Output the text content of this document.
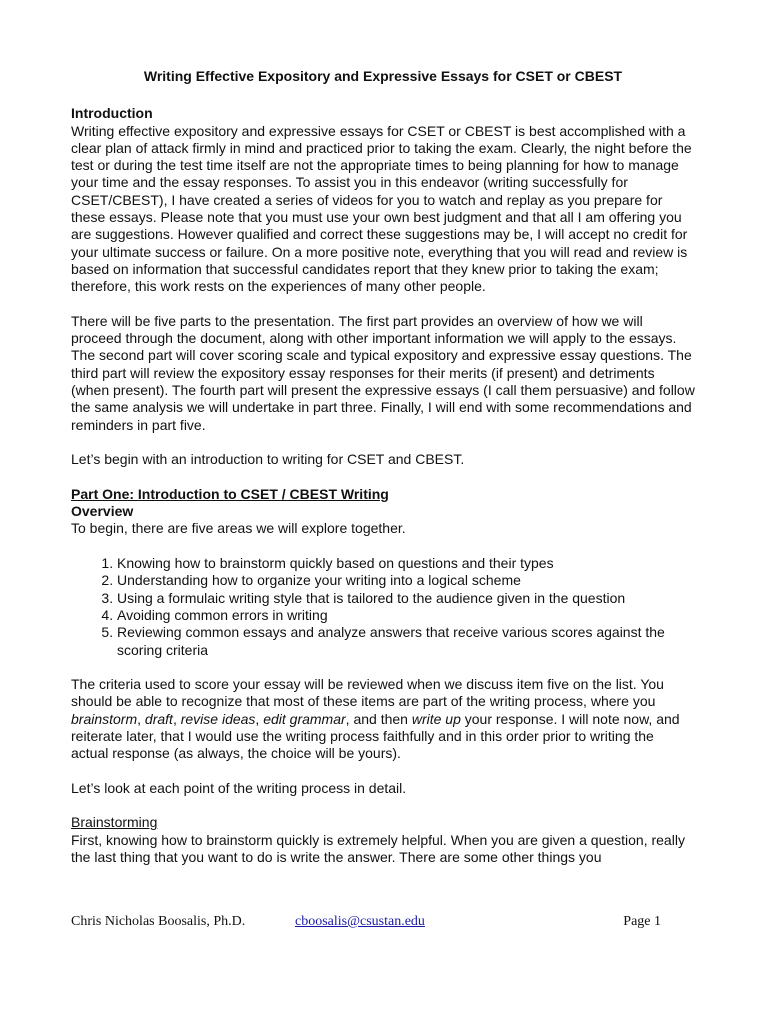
Writing Effective Expository and Expressive Essays for CSET or CBEST
Introduction

Writing effective expository and expressive essays for CSET or CBEST is best accomplished with a clear plan of attack firmly in mind and practiced prior to taking the exam. Clearly, the night before the test or during the test time itself are not the appropriate times to being planning for how to manage your time and the essay responses. To assist you in this endeavor (writing successfully for CSET/CBEST), I have created a series of videos for you to watch and replay as you prepare for these essays. Please note that you must use your own best judgment and that all I am offering you are suggestions. However qualified and correct these suggestions may be, I will accept no credit for your ultimate success or failure. On a more positive note, everything that you will read and review is based on information that successful candidates report that they knew prior to taking the exam; therefore, this work rests on the experiences of many other people.

There will be five parts to the presentation. The first part provides an overview of how we will proceed through the document, along with other important information we will apply to the essays. The second part will cover scoring scale and typical expository and expressive essay questions. The third part will review the expository essay responses for their merits (if present) and detriments (when present). The fourth part will present the expressive essays (I call them persuasive) and follow the same analysis we will undertake in part three. Finally, I will end with some recommendations and reminders in part five.

Let’s begin with an introduction to writing for CSET and CBEST.

Part One: Introduction to CSET / CBEST Writing

Overview

To begin, there are five areas we will explore together.

1. Knowing how to brainstorm quickly based on questions and their types
2. Understanding how to organize your writing into a logical scheme
3. Using a formulaic writing style that is tailored to the audience given in the question
4. Avoiding common errors in writing
5. Reviewing common essays and analyze answers that receive various scores against the scoring criteria

The criteria used to score your essay will be reviewed when we discuss item five on the list. You should be able to recognize that most of these items are part of the writing process, where you brainstorm, draft, revise ideas, edit grammar, and then write up your response. I will note now, and reiterate later, that I would use the writing process faithfully and in this order prior to writing the actual response (as always, the choice will be yours).

Let’s look at each point of the writing process in detail.

Brainstorming

First, knowing how to brainstorm quickly is extremely helpful. When you are given a question, really the last thing that you want to do is write the answer. There are some other things you

Chris Nicholas Boosalis, Ph.D.	cboosalis@csustan.edu	Page 1
